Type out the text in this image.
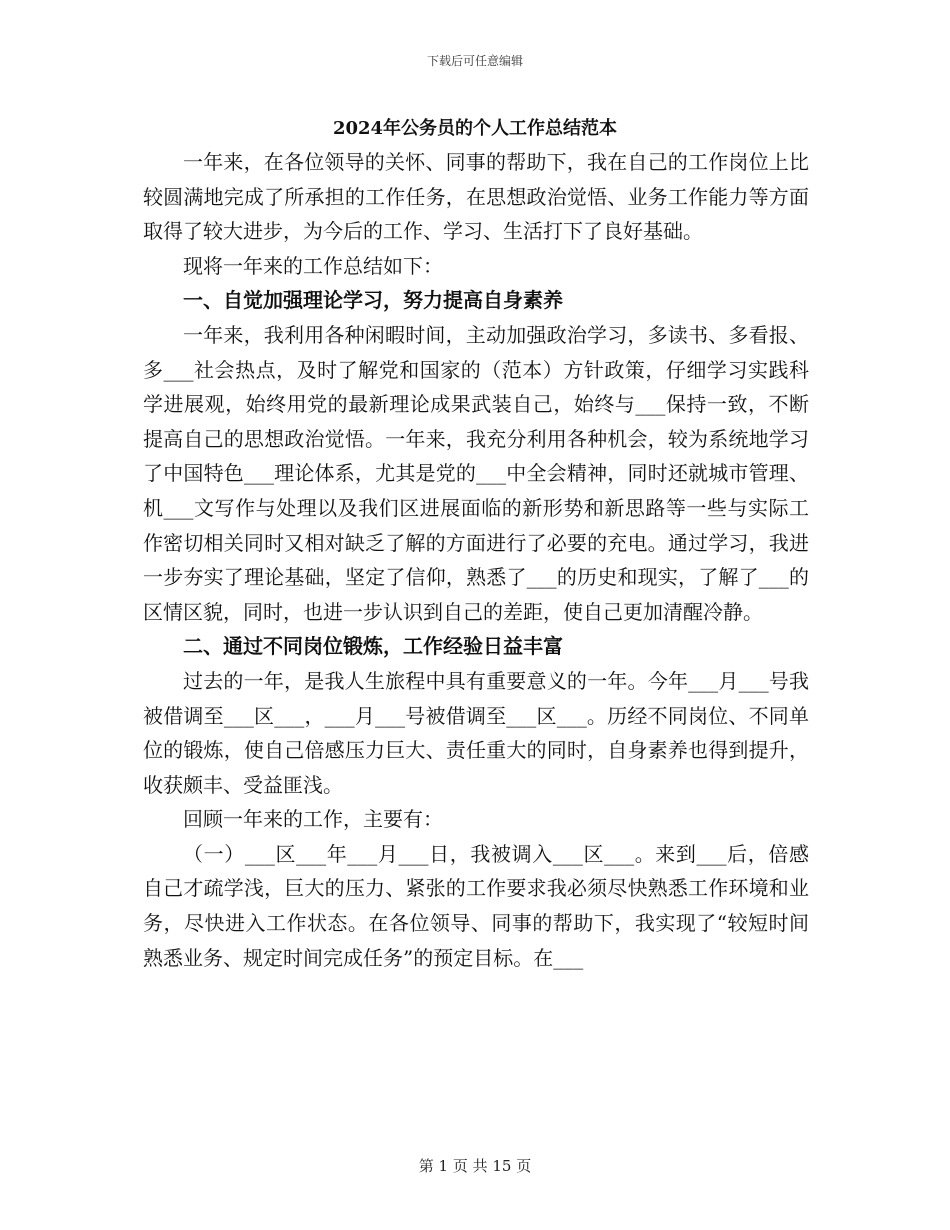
下载后可任意编辑
2024年公务员的个人工作总结范本

一年来，在各位领导的关怀、同事的帮助下，我在自己的工作岗位上比较圆满地完成了所承担的工作任务，在思想政治觉悟、业务工作能力等方面取得了较大进步，为今后的工作、学习、生活打下了良好基础。

现将一年来的工作总结如下：

一、自觉加强理论学习，努力提高自身素养

一年来，我利用各种闲暇时间，主动加强政治学习，多读书、多看报、多___社会热点，及时了解党和国家的（范本）方针政策，仔细学习实践科学进展观，始终用党的最新理论成果武装自己，始终与___保持一致，不断提高自己的思想政治觉悟。一年来，我充分利用各种机会，较为系统地学习了中国特色___理论体系，尤其是党的___中全会精神，同时还就城市管理、机___文写作与处理以及我们区进展面临的新形势和新思路等一些与实际工作密切相关同时又相对缺乏了解的方面进行了必要的充电。通过学习，我进一步夯实了理论基础，坚定了信仰，熟悉了___的历史和现实，了解了___的区情区貌，同时，也进一步认识到自己的差距，使自己更加清醒冷静。

二、通过不同岗位锻炼，工作经验日益丰富

过去的一年，是我人生旅程中具有重要意义的一年。今年___月___号我被借调至___区___，___月___号被借调至___区___。历经不同岗位、不同单位的锻炼，使自己倍感压力巨大、责任重大的同时，自身素养也得到提升，收获颇丰、受益匪浅。

回顾一年来的工作，主要有：

（一）___区___年___月___日，我被调入___区___。来到___后，倍感自己才疏学浅，巨大的压力、紧张的工作要求我必须尽快熟悉工作环境和业务，尽快进入工作状态。在各位领导、同事的帮助下，我实现了“较短时间熟悉业务、规定时间完成任务”的预定目标。在___

第 1 页 共 15 页
